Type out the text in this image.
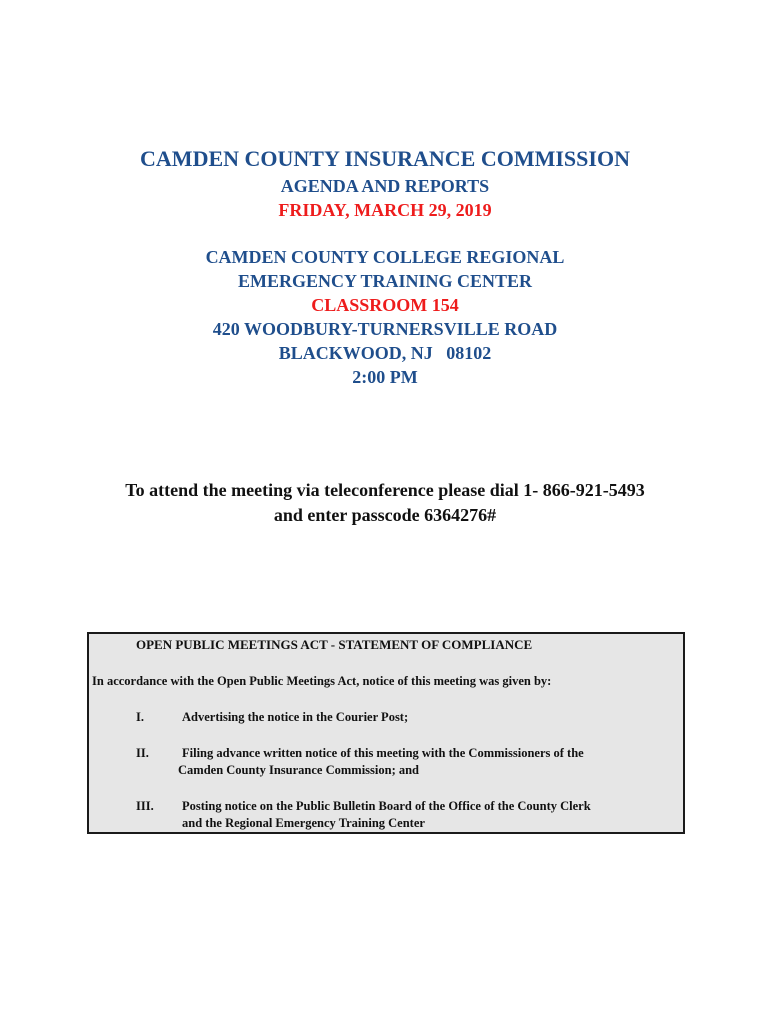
CAMDEN COUNTY INSURANCE COMMISSION
AGENDA AND REPORTS
FRIDAY, MARCH 29, 2019
CAMDEN COUNTY COLLEGE REGIONAL
EMERGENCY TRAINING CENTER
CLASSROOM 154
420 WOODBURY-TURNERSVILLE ROAD
BLACKWOOD, NJ   08102
2:00 PM
To attend the meeting via teleconference please dial 1- 866-921-5493
and enter passcode 6364276#
OPEN PUBLIC MEETINGS ACT - STATEMENT OF COMPLIANCE
In accordance with the Open Public Meetings Act, notice of this meeting was given by:
I.	Advertising the notice in the Courier Post;
II.	Filing advance written notice of this meeting with the Commissioners of the
Camden County Insurance Commission; and
III. Posting notice on the Public Bulletin Board of the Office of the County Clerk
and the Regional Emergency Training Center
